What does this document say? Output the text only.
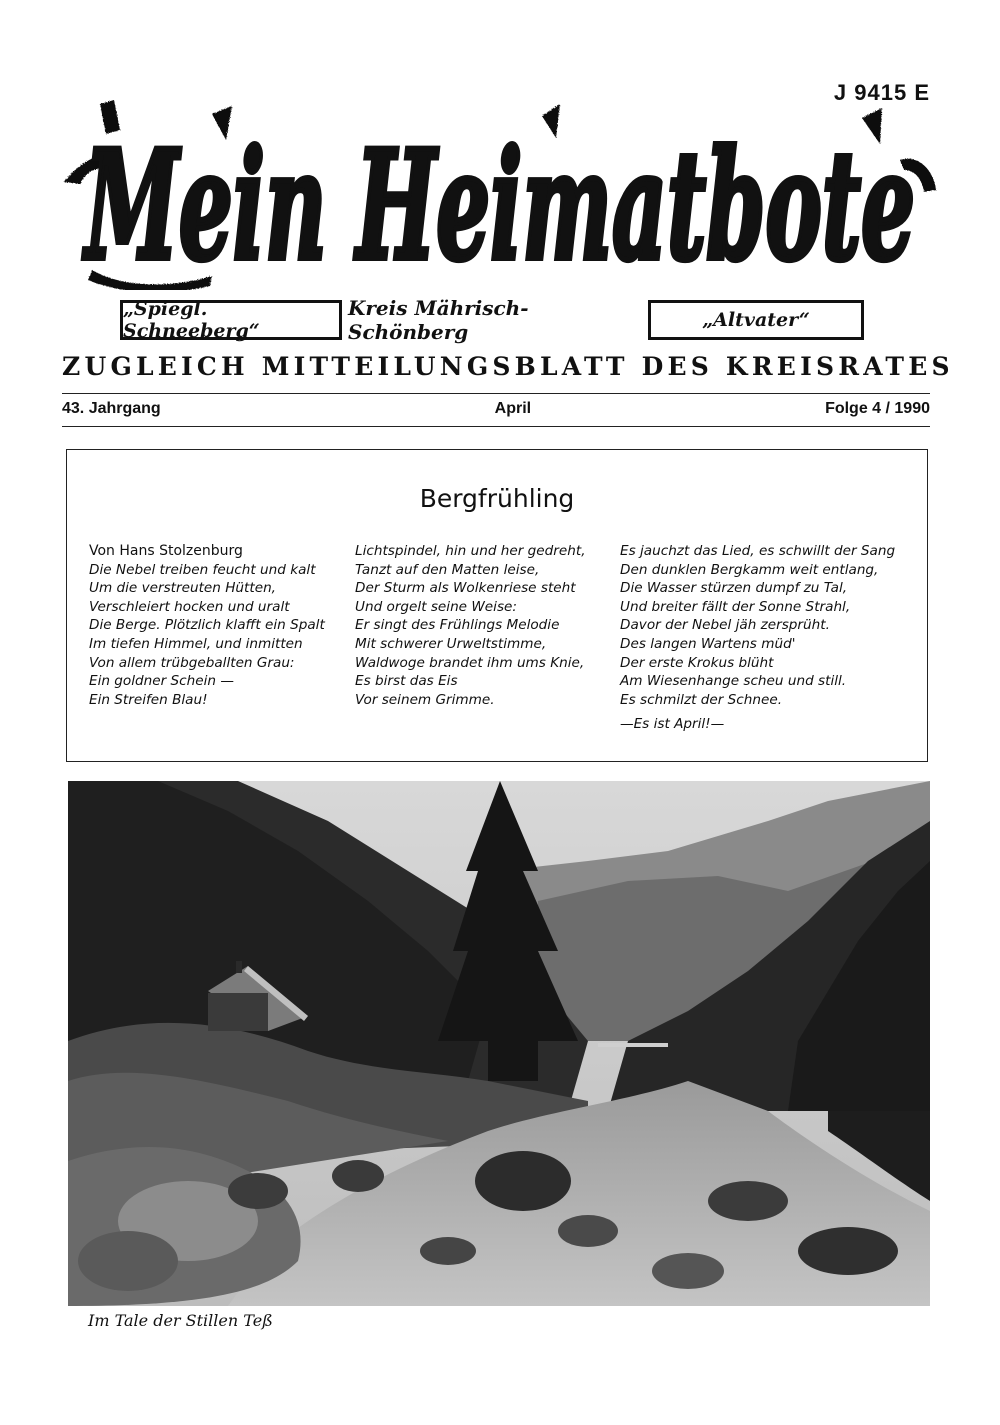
J 9415 E
Mein Heimatbote
„Spiegl. Schneeberg“
Kreis Mährisch-Schönberg	„Altvater“
ZUGLEICH MITTEILUNGSBLATT DES KREISRATES
43. Jahrgang	April	Folge 4 / 1990
Bergfrühling
Von Hans Stolzenburg
Die Nebel treiben feucht und kalt
Um die verstreuten Hütten,
Verschleiert hocken und uralt
Die Berge. Plötzlich klafft ein Spalt
Im tiefen Himmel, und inmitten
Von allem trübgeballten Grau:
Ein goldner Schein —
Ein Streifen Blau!
Lichtspindel, hin und her gedreht,
Tanzt auf den Matten leise,
Der Sturm als Wolkenriese steht
Und orgelt seine Weise:
Er singt des Frühlings Melodie
Mit schwerer Urweltstimme,
Waldwoge brandet ihm ums Knie,
Es birst das Eis
Vor seinem Grimme.
Es jauchzt das Lied, es schwillt der Sang
Den dunklen Bergkamm weit entlang,
Die Wasser stürzen dumpf zu Tal,
Und breiter fällt der Sonne Strahl,
Davor der Nebel jäh zersprüht.
Des langen Wartens müd'
Der erste Krokus blüht
Am Wiesenhange scheu und still.
Es schmilzt der Schnee.
—Es ist April!—
Im Tale der Stillen Teß
